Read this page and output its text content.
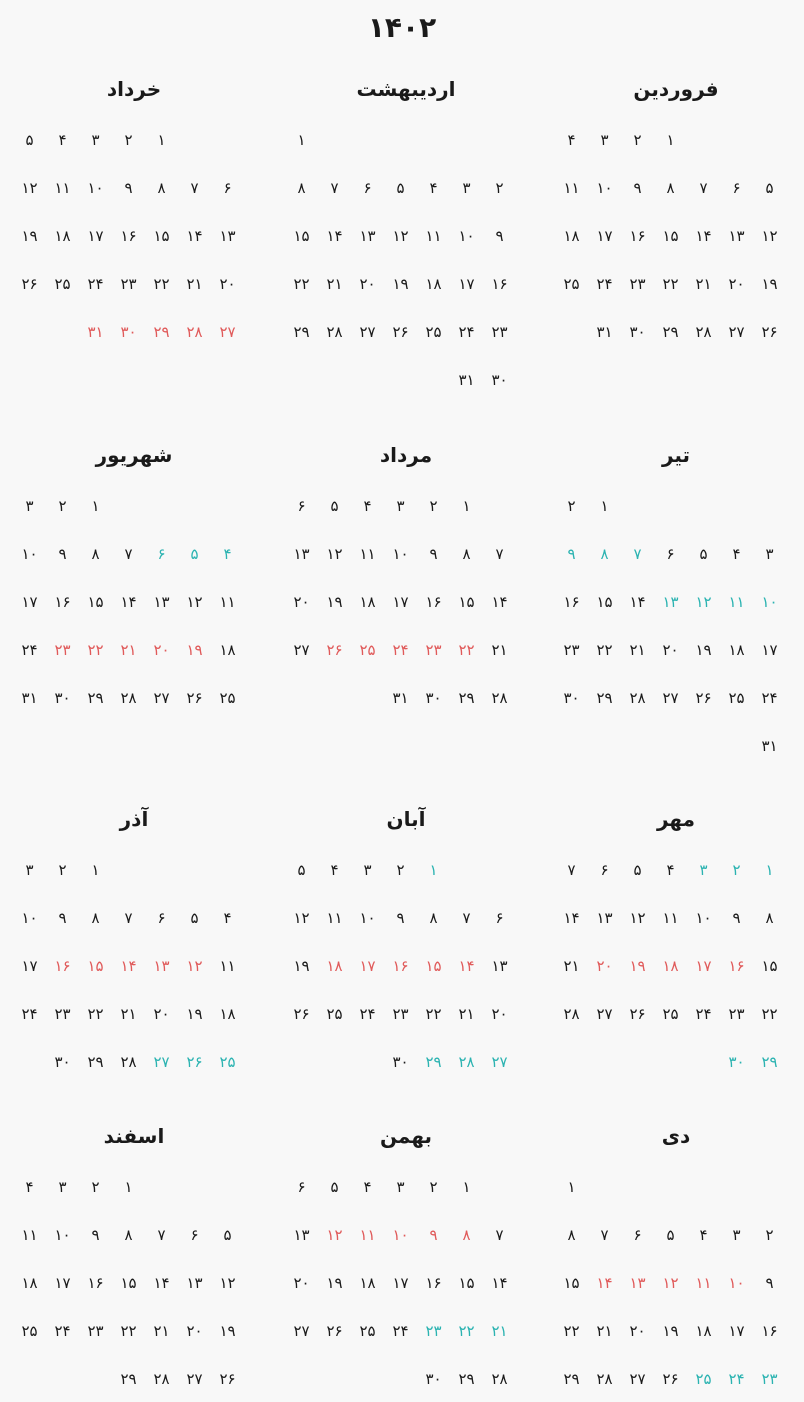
۱۴۰۲
فروردین
۱
۲
۳
۴
۵
۶
۷
۸
۹
۱۰
۱۱
۱۲
۱۳
۱۴
۱۵
۱۶
۱۷
۱۸
۱۹
۲۰
۲۱
۲۲
۲۳
۲۴
۲۵
۲۶
۲۷
۲۸
۲۹
۳۰
۳۱
اردیبهشت
۱
۲
۳
۴
۵
۶
۷
۸
۹
۱۰
۱۱
۱۲
۱۳
۱۴
۱۵
۱۶
۱۷
۱۸
۱۹
۲۰
۲۱
۲۲
۲۳
۲۴
۲۵
۲۶
۲۷
۲۸
۲۹
۳۰
۳۱
خرداد
۱
۲
۳
۴
۵
۶
۷
۸
۹
۱۰
۱۱
۱۲
۱۳
۱۴
۱۵
۱۶
۱۷
۱۸
۱۹
۲۰
۲۱
۲۲
۲۳
۲۴
۲۵
۲۶
۲۷
۲۸
۲۹
۳۰
۳۱
تیر
۱
۲
۳
۴
۵
۶
۷
۸
۹
۱۰
۱۱
۱۲
۱۳
۱۴
۱۵
۱۶
۱۷
۱۸
۱۹
۲۰
۲۱
۲۲
۲۳
۲۴
۲۵
۲۶
۲۷
۲۸
۲۹
۳۰
۳۱
مرداد
۱
۲
۳
۴
۵
۶
۷
۸
۹
۱۰
۱۱
۱۲
۱۳
۱۴
۱۵
۱۶
۱۷
۱۸
۱۹
۲۰
۲۱
۲۲
۲۳
۲۴
۲۵
۲۶
۲۷
۲۸
۲۹
۳۰
۳۱
شهریور
۱
۲
۳
۴
۵
۶
۷
۸
۹
۱۰
۱۱
۱۲
۱۳
۱۴
۱۵
۱۶
۱۷
۱۸
۱۹
۲۰
۲۱
۲۲
۲۳
۲۴
۲۵
۲۶
۲۷
۲۸
۲۹
۳۰
۳۱
مهر
۱
۲
۳
۴
۵
۶
۷
۸
۹
۱۰
۱۱
۱۲
۱۳
۱۴
۱۵
۱۶
۱۷
۱۸
۱۹
۲۰
۲۱
۲۲
۲۳
۲۴
۲۵
۲۶
۲۷
۲۸
۲۹
۳۰
آبان
۱
۲
۳
۴
۵
۶
۷
۸
۹
۱۰
۱۱
۱۲
۱۳
۱۴
۱۵
۱۶
۱۷
۱۸
۱۹
۲۰
۲۱
۲۲
۲۳
۲۴
۲۵
۲۶
۲۷
۲۸
۲۹
۳۰
آذر
۱
۲
۳
۴
۵
۶
۷
۸
۹
۱۰
۱۱
۱۲
۱۳
۱۴
۱۵
۱۶
۱۷
۱۸
۱۹
۲۰
۲۱
۲۲
۲۳
۲۴
۲۵
۲۶
۲۷
۲۸
۲۹
۳۰
دی
۱
۲
۳
۴
۵
۶
۷
۸
۹
۱۰
۱۱
۱۲
۱۳
۱۴
۱۵
۱۶
۱۷
۱۸
۱۹
۲۰
۲۱
۲۲
۲۳
۲۴
۲۵
۲۶
۲۷
۲۸
۲۹
بهمن
۱
۲
۳
۴
۵
۶
۷
۸
۹
۱۰
۱۱
۱۲
۱۳
۱۴
۱۵
۱۶
۱۷
۱۸
۱۹
۲۰
۲۱
۲۲
۲۳
۲۴
۲۵
۲۶
۲۷
۲۸
۲۹
۳۰
اسفند
۱
۲
۳
۴
۵
۶
۷
۸
۹
۱۰
۱۱
۱۲
۱۳
۱۴
۱۵
۱۶
۱۷
۱۸
۱۹
۲۰
۲۱
۲۲
۲۳
۲۴
۲۵
۲۶
۲۷
۲۸
۲۹
